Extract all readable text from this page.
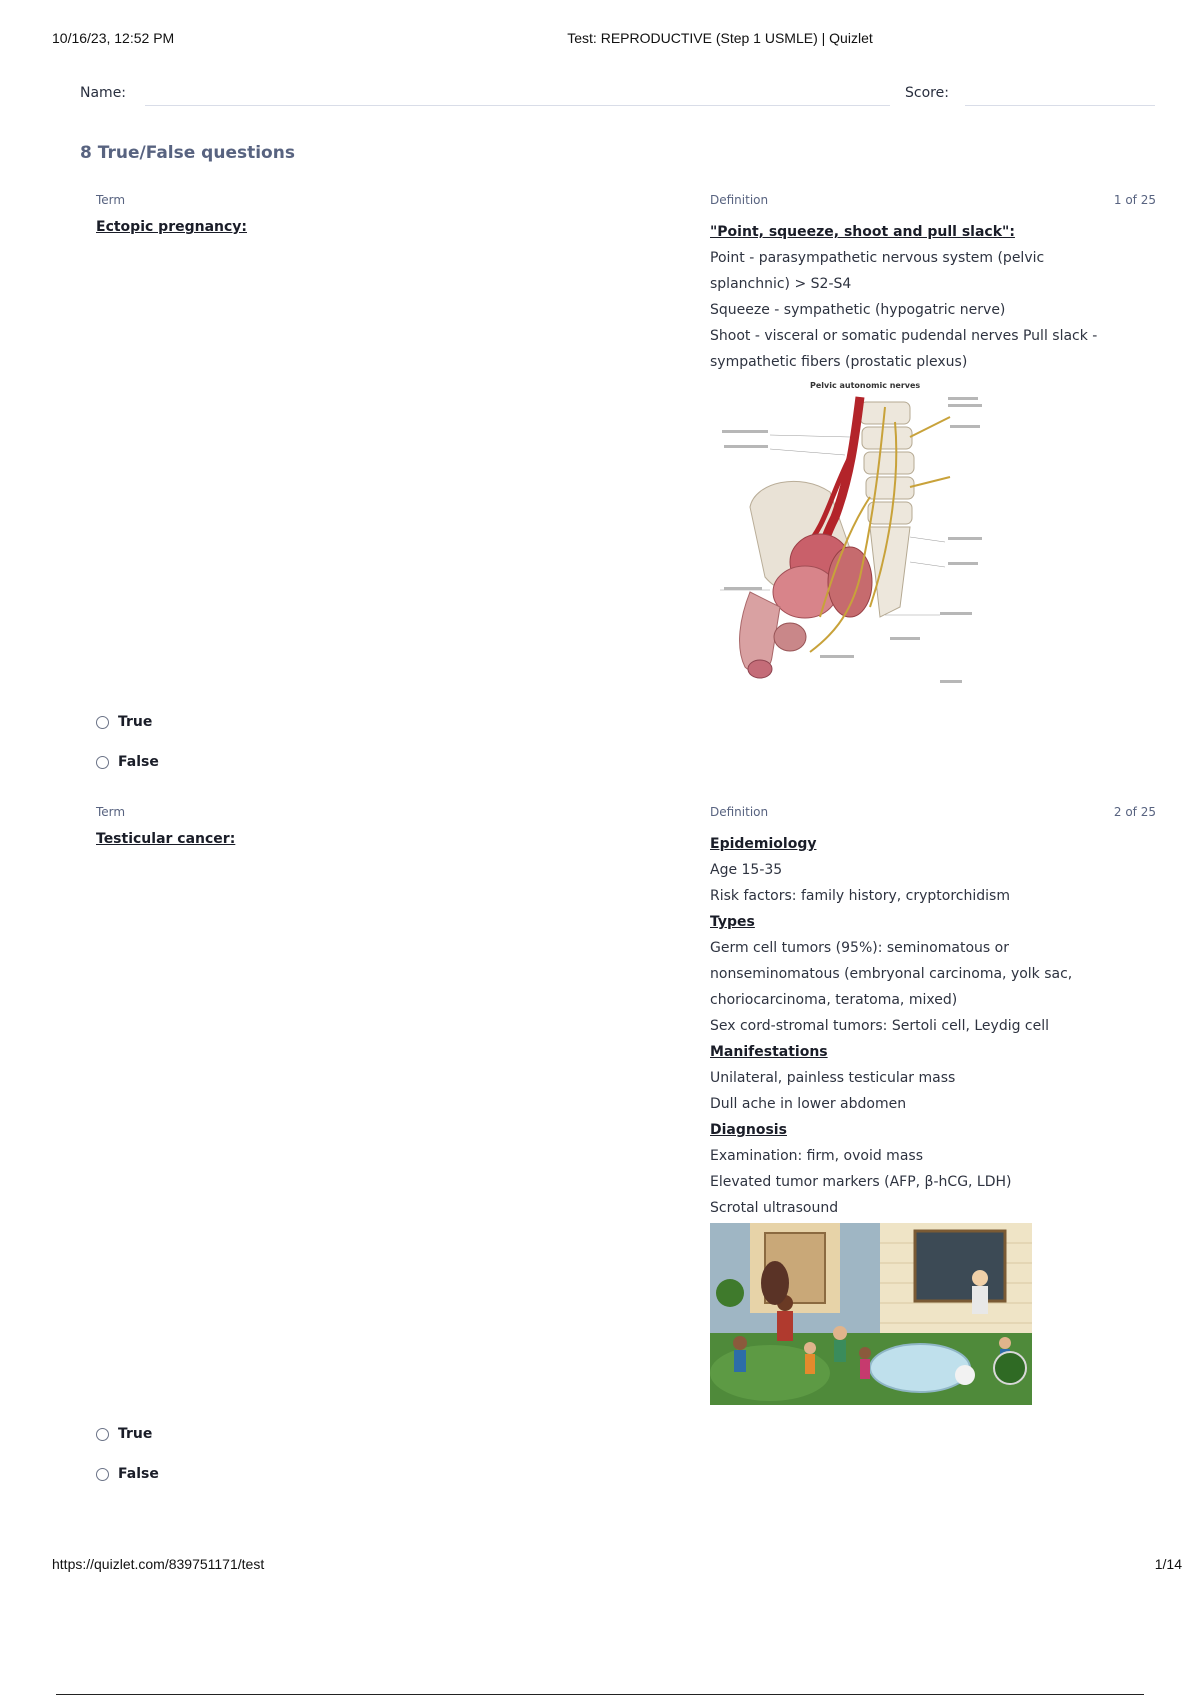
10/16/23, 12:52 PM	Test: REPRODUCTIVE (Step 1 USMLE) | Quizlet
Name:	Score:
8 True/False questions
Term	Definition	1 of 25
Ectopic pregnancy:	"Point, squeeze, shoot and pull slack":
Point - parasympathetic nervous system (pelvic
splanchnic) > S2-S4
Squeeze - sympathetic (hypogatric nerve)
Shoot - visceral or somatic pudendal nerves Pull slack -
sympathetic fibers (prostatic plexus)
Pelvic autonomic nerves
True
False
Term	Definition	2 of 25
Testicular cancer:	Epidemiology
Age 15-35
Risk factors: family history, cryptorchidism
Types
Germ cell tumors (95%): seminomatous or
nonseminomatous (embryonal carcinoma, yolk sac,
choriocarcinoma, teratoma, mixed)
Sex cord-stromal tumors: Sertoli cell, Leydig cell
Manifestations
Unilateral, painless testicular mass
Dull ache in lower abdomen
Diagnosis
Examination: firm, ovoid mass
Elevated tumor markers (AFP, β-hCG, LDH)
Scrotal ultrasound
True
False
https://quizlet.com/839751171/test	1/14
